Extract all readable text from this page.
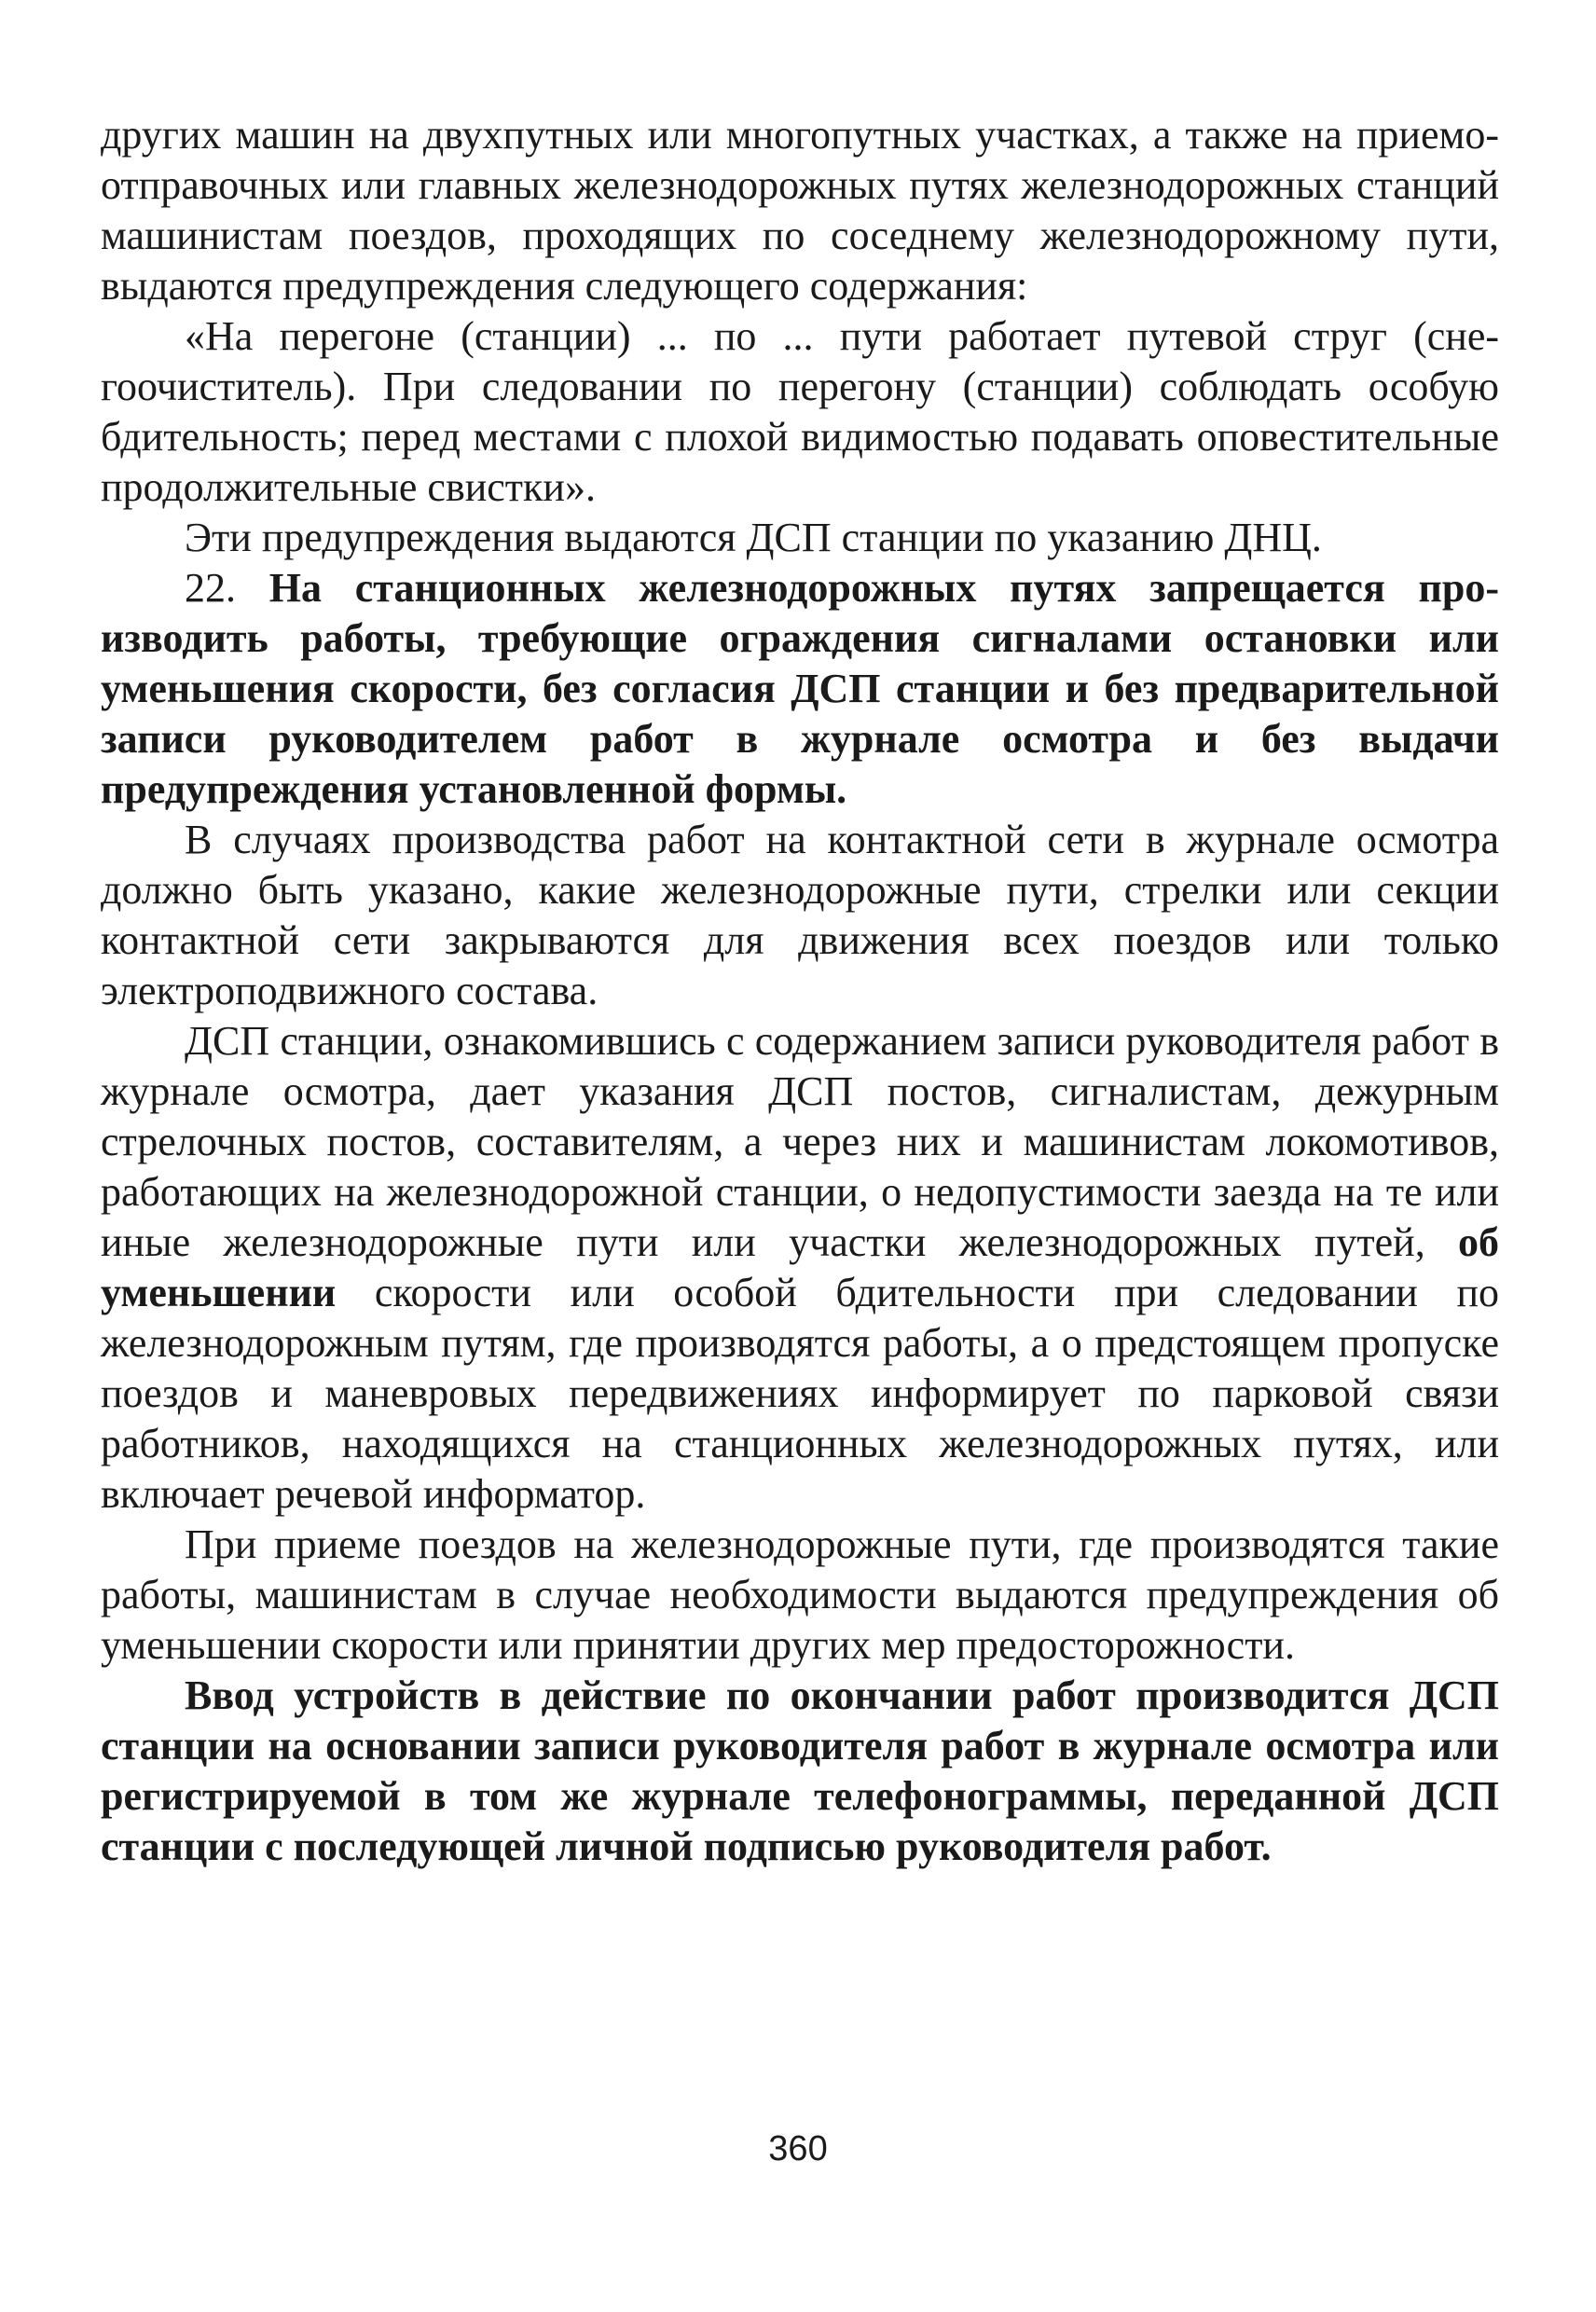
других машин на двухпутных или многопутных участках, а также на приемо-отправочных или главных железнодорожных путях железнодорожных станций машинистам поездов, проходящих по соседнему железнодорожному пути, выдаются предупреждения следующего содержания:

«На перегоне (станции) ... по ... пути работает путевой струг (снегоочиститель). При следовании по перегону (станции) соблюдать особую бдительность; перед местами с плохой видимостью подавать оповестительные продолжительные свистки».

Эти предупреждения выдаются ДСП станции по указанию ДНЦ.

22. На станционных железнодорожных путях запрещается производить работы, требующие ограждения сигналами остановки или уменьшения скорости, без согласия ДСП станции и без предварительной записи руководителем работ в журнале осмотра и без выдачи предупреждения установленной формы.

В случаях производства работ на контактной сети в журнале осмотра должно быть указано, какие железнодорожные пути, стрелки или секции контактной сети закрываются для движения всех поездов или только электроподвижного состава.

ДСП станции, ознакомившись с содержанием записи руководителя работ в журнале осмотра, дает указания ДСП постов, сигналистам, дежурным стрелочных постов, составителям, а через них и машинистам локомотивов, работающих на железнодорожной станции, о недопустимости заезда на те или иные железнодорожные пути или участки железнодорожных путей, об уменьшении скорости или особой бдительности при следовании по железнодорожным путям, где производятся работы, а о предстоящем пропуске поездов и маневровых передвижениях информирует по парковой связи работников, находящихся на станционных железнодорожных путях, или включает речевой информатор.

При приеме поездов на железнодорожные пути, где производятся такие работы, машинистам в случае необходимости выдаются предупреждения об уменьшении скорости или принятии других мер предосторожности.

Ввод устройств в действие по окончании работ производится ДСП станции на основании записи руководителя работ в журнале осмотра или регистрируемой в том же журнале телефонограммы, переданной ДСП станции с последующей личной подписью руководителя работ.

360
